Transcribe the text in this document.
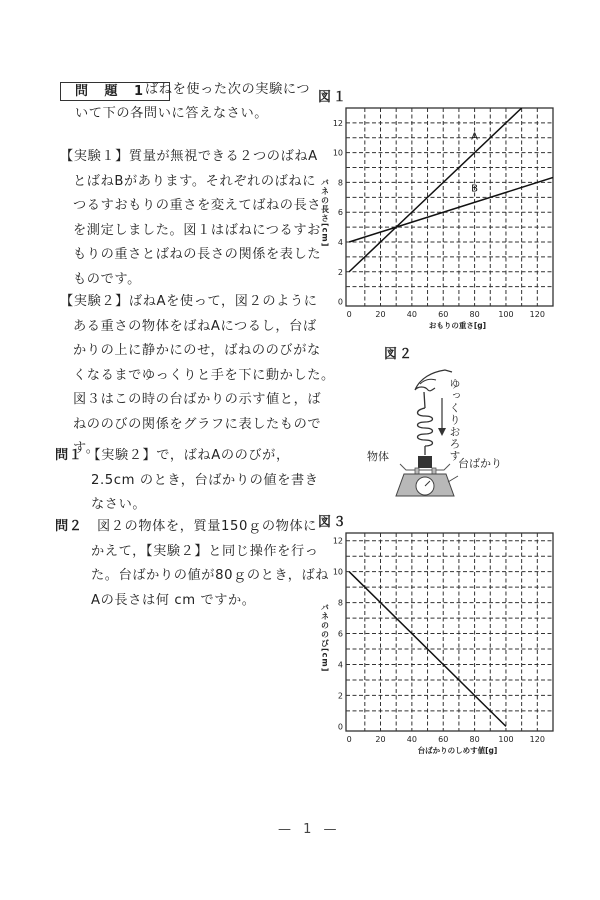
問 題 1
ばねを使った次の実験につ
いて下の各問いに答えなさい。
【実験１】質量が無視できる２つのばねA
とばねBがあります。それぞれのばねに
つるすおもりの重さを変えてばねの長さ
を測定しました。図１はばねにつるすお
もりの重さとばねの長さの関係を表した
ものです。
【実験２】ばねAを使って，図２のように
ある重さの物体をばねAにつるし，台ば
かりの上に静かにのせ，ばねののびがな
くなるまでゆっくりと手を下に動かした。
図３はこの時の台ばかりの示す値と，ば
ねののびの関係をグラフに表したもので
す。
問１ 【実験２】で，ばねAののびが，
2.5cm のとき，台ばかりの値を書き
なさい。
問２ 図２の物体を，質量150ｇの物体に
かえて，【実験２】と同じ操作を行っ
た。台ばかりの値が80ｇのとき，ばね
Aの長さは何 cm ですか。
図１
0	20	40	60	80 100 120
0
2
4
6
8
10
12
おもりの重さ[g]
バネの長さ[cm]
A
B
図２
物体
台ばかり
ゆっくりおろす
図３
0	20	40	60	80 100 120
0
2
4
6
8
10
12
台ばかりのしめす値[g]
バネののび[cm]
— 1 —
